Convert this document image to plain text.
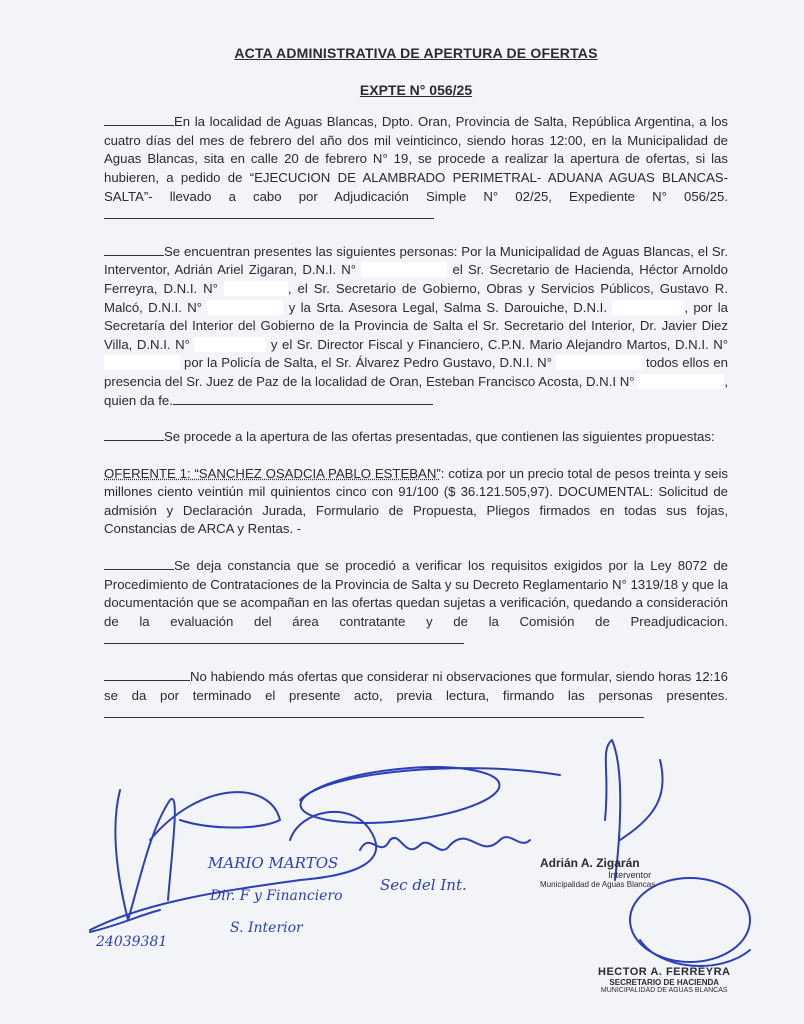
ACTA ADMINISTRATIVA DE APERTURA DE OFERTAS
EXPTE N° 056/25

En la localidad de Aguas Blancas, Dpto. Oran, Provincia de Salta, República Argentina, a los cuatro días del mes de febrero del año dos mil veinticinco, siendo horas 12:00, en la Municipalidad de Aguas Blancas, sita en calle 20 de febrero N° 19, se procede a realizar la apertura de ofertas, si las hubieren, a pedido de “EJECUCION DE ALAMBRADO PERIMETRAL- ADUANA AGUAS BLANCAS- SALTA”- llevado a cabo por Adjudicación Simple N° 02/25, Expediente N° 056/25.

Se encuentran presentes las siguientes personas: Por la Municipalidad de Aguas Blancas, el Sr. Interventor, Adrián Ariel Zigaran, D.N.I. N°	el Sr. Secretario de Hacienda, Héctor Arnoldo Ferreyra, D.N.I. N°	, el Sr. Secretario de Gobierno, Obras y Servicios Públicos, Gustavo R. Malcó, D.N.I. N°	y la Srta. Asesora Legal, Salma S. Darouiche, D.N.I.	, por la Secretaría del Interior del Gobierno de la Provincia de Salta el Sr. Secretario del Interior, Dr. Javier Diez Villa, D.N.I. N°	y el Sr. Director Fiscal y Financiero, C.P.N. Mario Alejandro Martos, D.N.I. N°  por la Policía de Salta, el Sr. Álvarez Pedro Gustavo, D.N.I. N°	todos ellos en presencia del Sr. Juez de Paz de la localidad de Oran, Esteban Francisco Acosta, D.N.I N°	, quien da fe.

Se procede a la apertura de las ofertas presentadas, que contienen las siguientes propuestas:

OFERENTE 1: “SANCHEZ OSADCIA PABLO ESTEBAN”: cotiza por un precio total de pesos treinta y seis millones ciento veintiún mil quinientos cinco con 91/100 ($ 36.121.505,97). DOCUMENTAL: Solicitud de admisión y Declaración Jurada, Formulario de Propuesta, Pliegos firmados en todas sus fojas, Constancias de ARCA y Rentas. -

Se deja constancia que se procedió a verificar los requisitos exigidos por la Ley 8072 de Procedimiento de Contrataciones de la Provincia de Salta y su Decreto Reglamentario N° 1319/18 y que la documentación que se acompañan en las ofertas quedan sujetas a verificación, quedando a consideración de la evaluación del área contratante y de la Comisión de Preadjudicacion.

No habiendo más ofertas que considerar ni observaciones que formular, siendo horas 12:16 se da por terminado el presente acto, previa lectura, firmando las personas presentes.

MARIO MARTOS
Dir. F y Financiero
S. Interior
24039381
Sec del Int.
Adrián A. Zigarán
Interventor
Municipalidad de Aguas Blancas
HECTOR A. FERREYRA
SECRETARIO DE HACIENDA
MUNICIPALIDAD DE AGUAS BLANCAS
